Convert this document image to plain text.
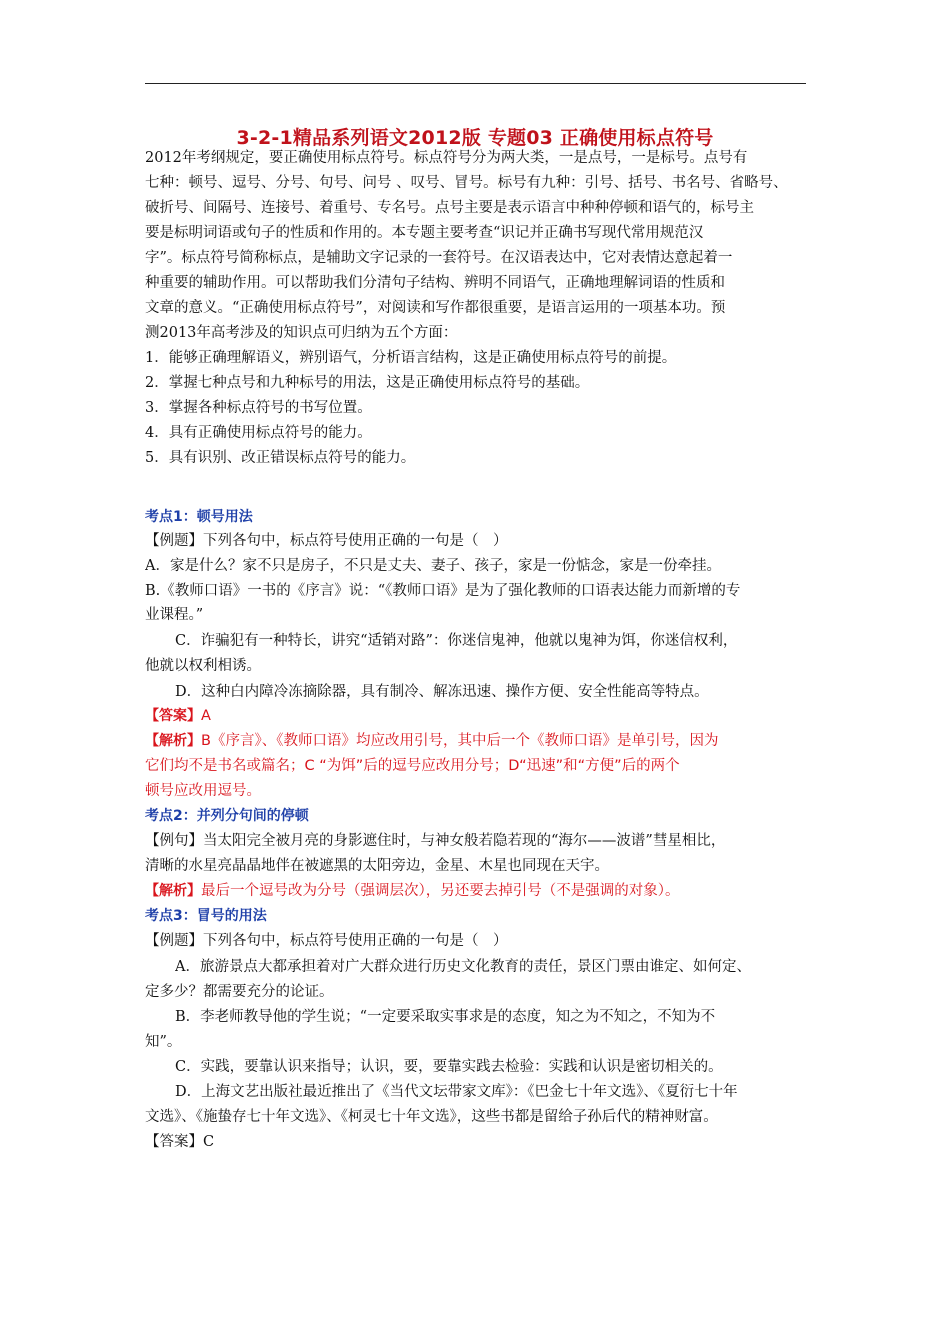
3-2-1精品系列语文2012版 专题03 正确使用标点符号
2012年考纲规定，要正确使用标点符号。标点符号分为两大类，一是点号，一是标号。点号有
七种：顿号、逗号、分号、句号、问号 、叹号、冒号。标号有九种：引号、括号、书名号、省略号、
破折号、间隔号、连接号、着重号、专名号。点号主要是表示语言中种种停顿和语气的，标号主
要是标明词语或句子的性质和作用的。本专题主要考查“识记并正确书写现代常用规范汉
字”。标点符号简称标点，是辅助文字记录的一套符号。在汉语表达中，它对表情达意起着一
种重要的辅助作用。可以帮助我们分清句子结构、辨明不同语气，正确地理解词语的性质和
文章的意义。“正确使用标点符号”，对阅读和写作都很重要，是语言运用的一项基本功。预
测2013年高考涉及的知识点可归纳为五个方面：
1．能够正确理解语义，辨别语气，分析语言结构，这是正确使用标点符号的前提。
2．掌握七种点号和九种标号的用法，这是正确使用标点符号的基础。
3．掌握各种标点符号的书写位置。
4．具有正确使用标点符号的能力。
5．具有识别、改正错误标点符号的能力。
考点1：顿号用法
【例题】下列各句中，标点符号使用正确的一句是（　）
A．家是什么？家不只是房子，不只是丈夫、妻子、孩子，家是一份惦念，家是一份牵挂。
B.《教师口语》一书的《序言》说：“《教师口语》是为了强化教师的口语表达能力而新增的专
业课程。”
C．诈骗犯有一种特长，讲究“适销对路”：你迷信鬼神，他就以鬼神为饵，你迷信权利，
他就以权利相诱。
D．这种白内障冷冻摘除器，具有制冷、解冻迅速、操作方便、安全性能高等特点。
【答案】A
【解析】B《序言》、《教师口语》均应改用引号，其中后一个《教师口语》是单引号，因为
它们均不是书名或篇名；C “为饵”后的逗号应改用分号；D“迅速”和“方便”后的两个
顿号应改用逗号。
考点2：并列分句间的停顿
【例句】当太阳完全被月亮的身影遮住时，与神女般若隐若现的“海尔——波谱”彗星相比，
清晰的水星亮晶晶地伴在被遮黑的太阳旁边，金星、木星也同现在天宇。
【解析】最后一个逗号改为分号（强调层次），另还要去掉引号（不是强调的对象）。
考点3：冒号的用法
【例题】下列各句中，标点符号使用正确的一句是（　）
A．旅游景点大都承担着对广大群众进行历史文化教育的责任，景区门票由谁定、如何定、
定多少？都需要充分的论证。
B．李老师教导他的学生说；“一定要采取实事求是的态度，知之为不知之，不知为不
知”。
C．实践，要靠认识来指导；认识，要，要靠实践去检验：实践和认识是密切相关的。
D．上海文艺出版社最近推出了《当代文坛带家文库》：《巴金七十年文选》、《夏衍七十年
文选》、《施蛰存七十年文选》、《柯灵七十年文选》，这些书都是留给子孙后代的精神财富。
【答案】C
